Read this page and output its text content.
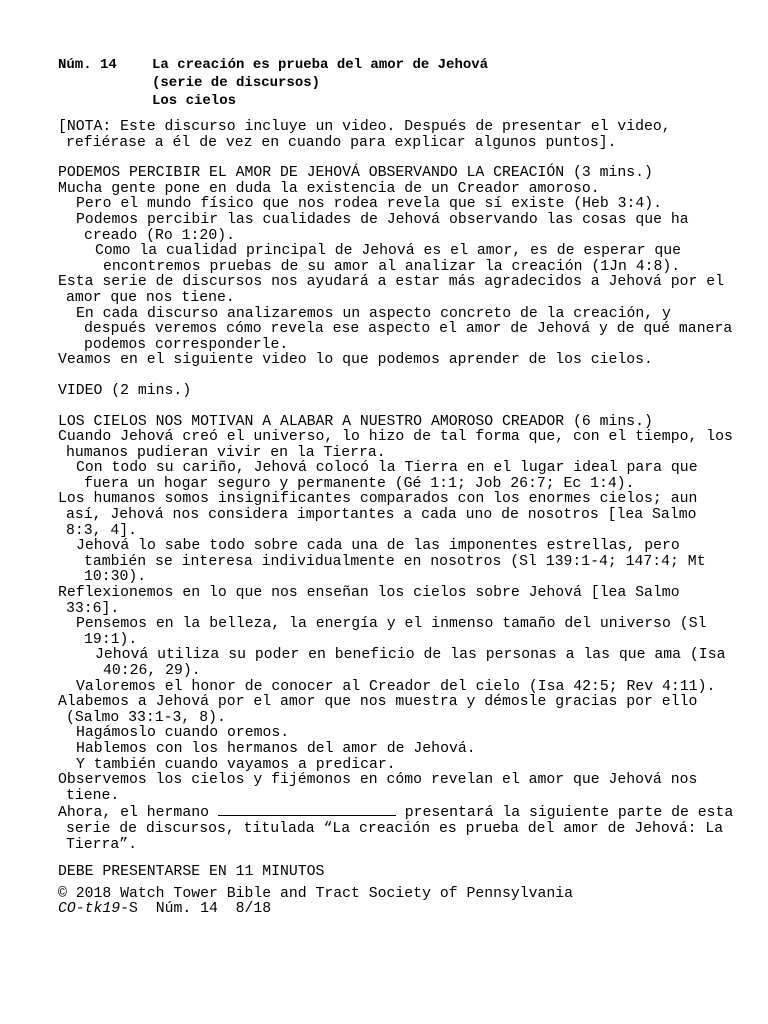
Núm. 14	La creación es prueba del amor de Jehová
(serie de discursos)
Los cielos
[NOTA: Este discurso incluye un video. Después de presentar el video, refiérase a él de vez en cuando para explicar algunos puntos].
PODEMOS PERCIBIR EL AMOR DE JEHOVÁ OBSERVANDO LA CREACIÓN (3 mins.)
Mucha gente pone en duda la existencia de un Creador amoroso.
Pero el mundo físico que nos rodea revela que sí existe (Heb 3:4).
Podemos percibir las cualidades de Jehová observando las cosas que ha creado (Ro 1:20).
Como la cualidad principal de Jehová es el amor, es de esperar que encontremos pruebas de su amor al analizar la creación (1Jn 4:8).
Esta serie de discursos nos ayudará a estar más agradecidos a Jehová por el amor que nos tiene.
En cada discurso analizaremos un aspecto concreto de la creación, y después veremos cómo revela ese aspecto el amor de Jehová y de qué manera podemos corresponderle.
Veamos en el siguiente video lo que podemos aprender de los cielos.
VIDEO (2 mins.)
LOS CIELOS NOS MOTIVAN A ALABAR A NUESTRO AMOROSO CREADOR (6 mins.)
Cuando Jehová creó el universo, lo hizo de tal forma que, con el tiempo, los humanos pudieran vivir en la Tierra.
Con todo su cariño, Jehová colocó la Tierra en el lugar ideal para que fuera un hogar seguro y permanente (Gé 1:1; Job 26:7; Ec 1:4).
Los humanos somos insignificantes comparados con los enormes cielos; aun así, Jehová nos considera importantes a cada uno de nosotros [lea Salmo 8:3, 4].
Jehová lo sabe todo sobre cada una de las imponentes estrellas, pero también se interesa individualmente en nosotros (Sl 139:1-4; 147:4; Mt 10:30).
Reflexionemos en lo que nos enseñan los cielos sobre Jehová [lea Salmo 33:6].
Pensemos en la belleza, la energía y el inmenso tamaño del universo (Sl 19:1).
Jehová utiliza su poder en beneficio de las personas a las que ama (Isa 40:26, 29).
Valoremos el honor de conocer al Creador del cielo (Isa 42:5; Rev 4:11).
Alabemos a Jehová por el amor que nos muestra y démosle gracias por ello (Salmo 33:1-3, 8).
Hagámoslo cuando oremos.
Hablemos con los hermanos del amor de Jehová.
Y también cuando vayamos a predicar.
Observemos los cielos y fijémonos en cómo revelan el amor que Jehová nos tiene.
Ahora, el hermano	presentará la siguiente parte de esta serie de discursos, titulada “La creación es prueba del amor de Jehová: La Tierra”.
DEBE PRESENTARSE EN 11 MINUTOS
© 2018 Watch Tower Bible and Tract Society of Pennsylvania
CO-tk19-S Núm. 14 8/18
